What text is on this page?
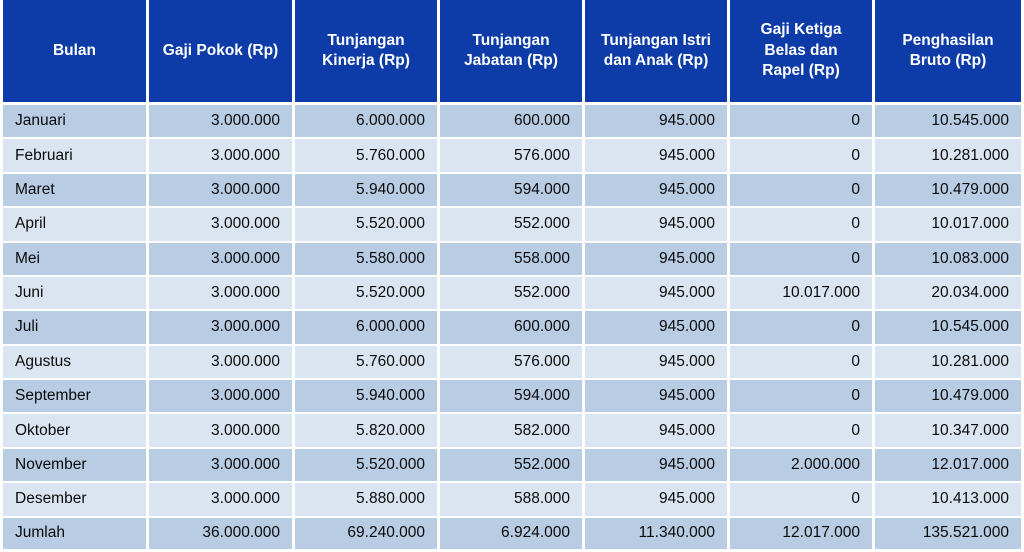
Bulan	Gaji Pokok (Rp)	Tunjangan Kinerja (Rp)	Tunjangan Jabatan (Rp)	Tunjangan Istri dan Anak (Rp)	Gaji Ketiga Belas dan Rapel (Rp)	Penghasilan Bruto (Rp)
Januari	3.000.000	6.000.000	600.000	945.000	0	10.545.000
Februari	3.000.000	5.760.000	576.000	945.000	0	10.281.000
Maret	3.000.000	5.940.000	594.000	945.000	0	10.479.000
April	3.000.000	5.520.000	552.000	945.000	0	10.017.000
Mei	3.000.000	5.580.000	558.000	945.000	0	10.083.000
Juni	3.000.000	5.520.000	552.000	945.000	10.017.000	20.034.000
Juli	3.000.000	6.000.000	600.000	945.000	0	10.545.000
Agustus	3.000.000	5.760.000	576.000	945.000	0	10.281.000
September	3.000.000	5.940.000	594.000	945.000	0	10.479.000
Oktober	3.000.000	5.820.000	582.000	945.000	0	10.347.000
November	3.000.000	5.520.000	552.000	945.000	2.000.000	12.017.000
Desember	3.000.000	5.880.000	588.000	945.000	0	10.413.000
Jumlah	36.000.000	69.240.000	6.924.000	11.340.000	12.017.000	135.521.000
